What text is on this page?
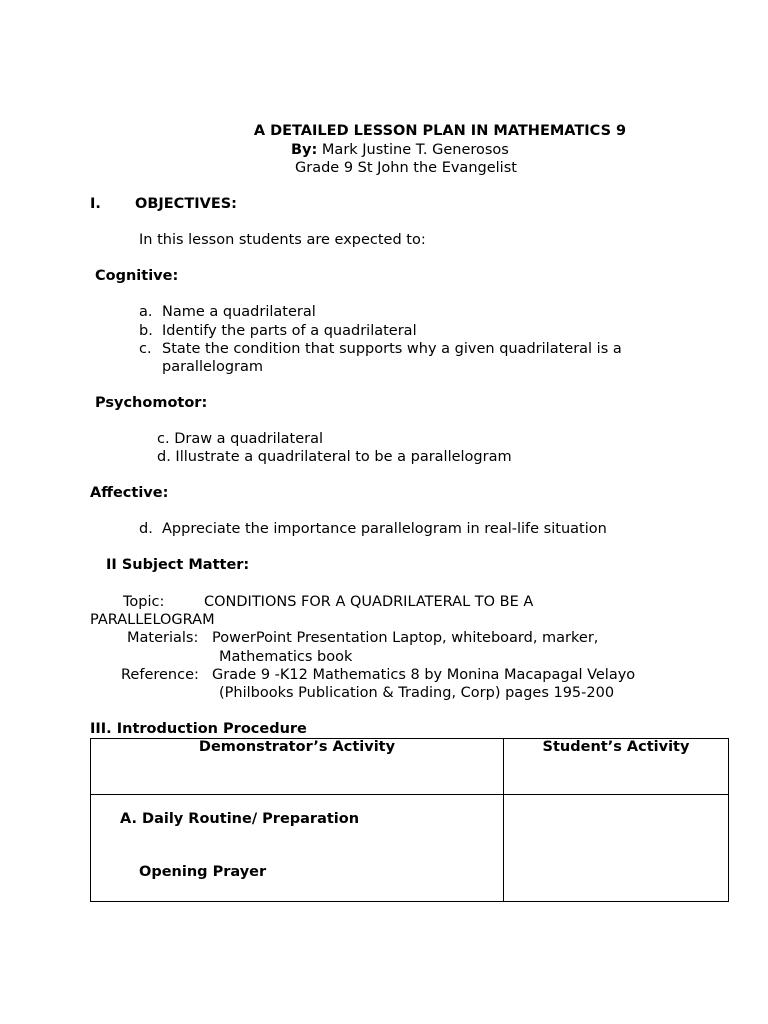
A DETAILED LESSON PLAN IN MATHEMATICS 9
By: Mark Justine T. Generosos
Grade 9 St John the Evangelist
I. OBJECTIVES:
In this lesson students are expected to:
Cognitive:
a. Name a quadrilateral
b. Identify the parts of a quadrilateral
c. State the condition that supports why a given quadrilateral is a
parallelogram
Psychomotor:
c. Draw a quadrilateral
d. Illustrate a quadrilateral to be a parallelogram
Affective:
d. Appreciate the importance parallelogram in real-life situation
II Subject Matter:
Topic:	CONDITIONS FOR A QUADRILATERAL TO BE A
PARALLELOGRAM
Materials: PowerPoint Presentation Laptop, whiteboard, marker,
Mathematics book
Reference: Grade 9 -K12 Mathematics 8 by Monina Macapagal Velayo
(Philbooks Publication & Trading, Corp) pages 195-200
III. Introduction Procedure
Demonstrator’s Activity	Student’s Activity

A. Daily Routine/ Preparation
Opening Prayer	
